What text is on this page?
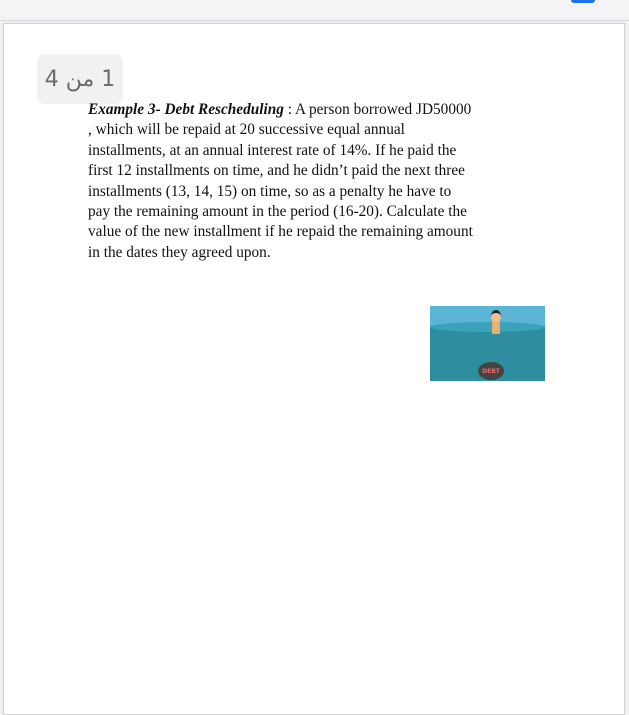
1 من 4
Example 3- Debt Rescheduling : A person borrowed JD50000
, which will be repaid at 20 successive equal annual
installments, at an annual interest rate of 14%. If he paid the
first 12 installments on time, and he didn’t paid the next three
installments (13, 14, 15) on time, so as a penalty he have to
pay the remaining amount in the period (16-20). Calculate the
value of the new installment if he repaid the remaining amount
in the dates they agreed upon.
DEBT
